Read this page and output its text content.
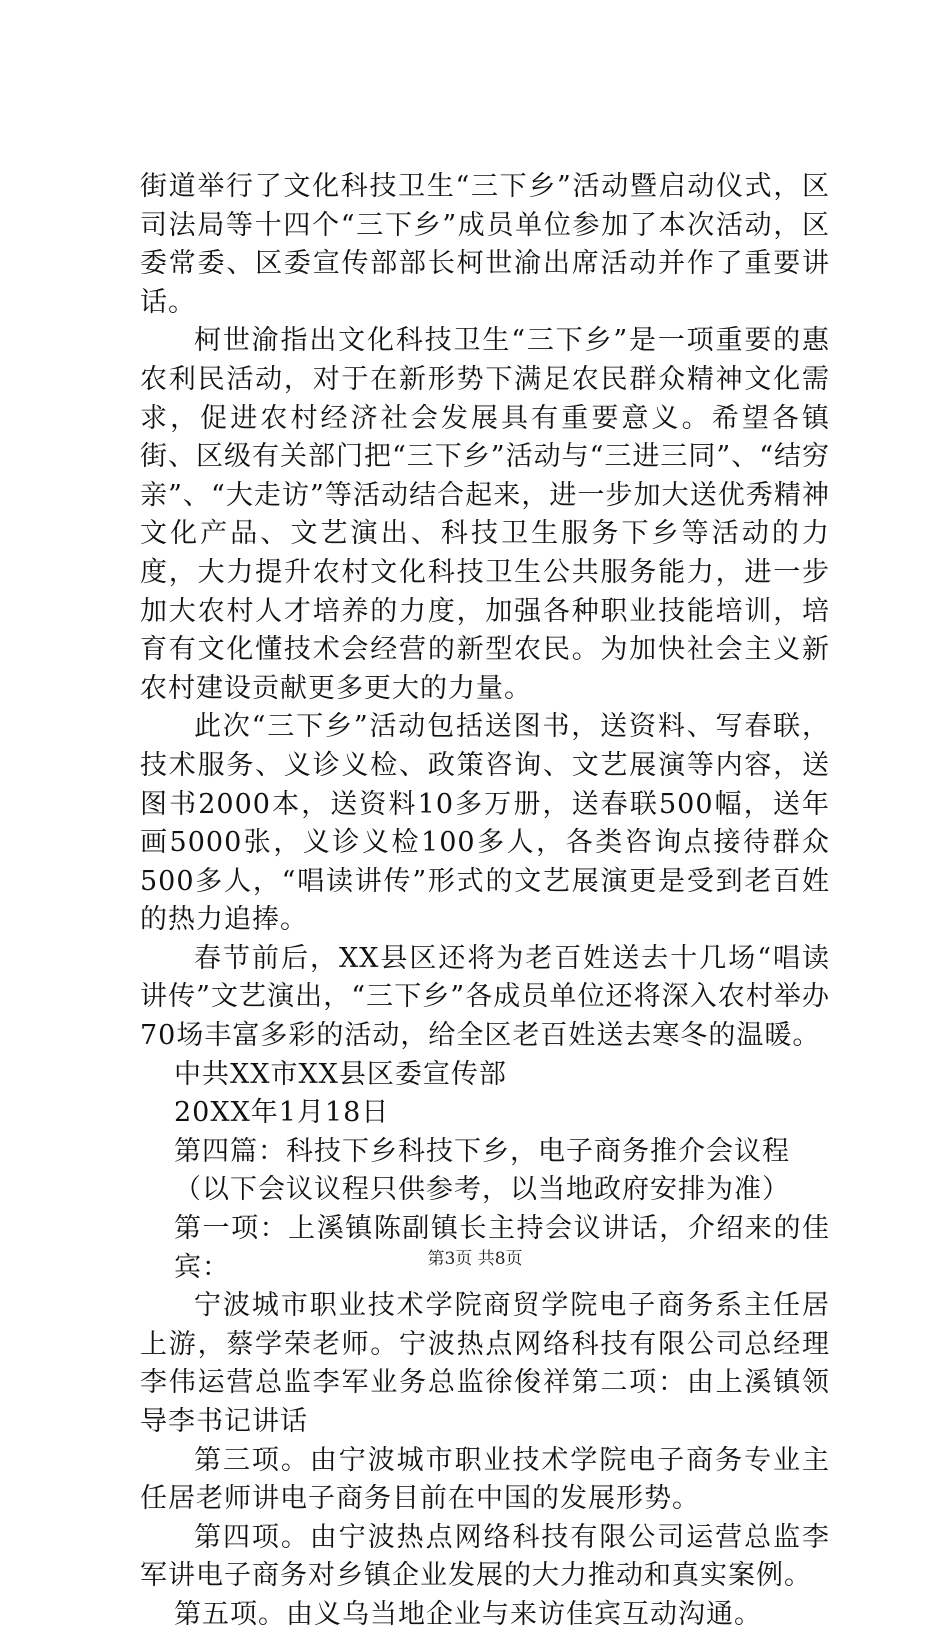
街道举行了文化科技卫生“三下乡”活动暨启动仪式，区司法局等十四个“三下乡”成员单位参加了本次活动，区委常委、区委宣传部部长柯世渝出席活动并作了重要讲话。

柯世渝指出文化科技卫生“三下乡”是一项重要的惠农利民活动，对于在新形势下满足农民群众精神文化需求，促进农村经济社会发展具有重要意义。希望各镇街、区级有关部门把“三下乡”活动与“三进三同”、“结穷亲”、“大走访”等活动结合起来，进一步加大送优秀精神文化产品、文艺演出、科技卫生服务下乡等活动的力度，大力提升农村文化科技卫生公共服务能力，进一步加大农村人才培养的力度，加强各种职业技能培训，培育有文化懂技术会经营的新型农民。为加快社会主义新农村建设贡献更多更大的力量。

此次“三下乡”活动包括送图书，送资料、写春联，技术服务、义诊义检、政策咨询、文艺展演等内容，送图书2000本，送资料10多万册，送春联500幅，送年画5000张，义诊义检100多人，各类咨询点接待群众500多人，“唱读讲传”形式的文艺展演更是受到老百姓的热力追捧。

春节前后，XX县区还将为老百姓送去十几场“唱读讲传”文艺演出，“三下乡”各成员单位还将深入农村举办70场丰富多彩的活动，给全区老百姓送去寒冬的温暖。

中共XX市XX县区委宣传部

20XX年1月18日

第四篇：科技下乡科技下乡，电子商务推介会议程

（以下会议议程只供参考，以当地政府安排为准）

第一项：上溪镇陈副镇长主持会议讲话，介绍来的佳宾：

宁波城市职业技术学院商贸学院电子商务系主任居上游，蔡学荣老师。宁波热点网络科技有限公司总经理李伟运营总监李军业务总监徐俊祥第二项：由上溪镇领导李书记讲话

第三项。由宁波城市职业技术学院电子商务专业主任居老师讲电子商务目前在中国的发展形势。

第四项。由宁波热点网络科技有限公司运营总监李军讲电子商务对乡镇企业发展的大力推动和真实案例。

第五项。由义乌当地企业与来访佳宾互动沟通。

第3页 共8页
